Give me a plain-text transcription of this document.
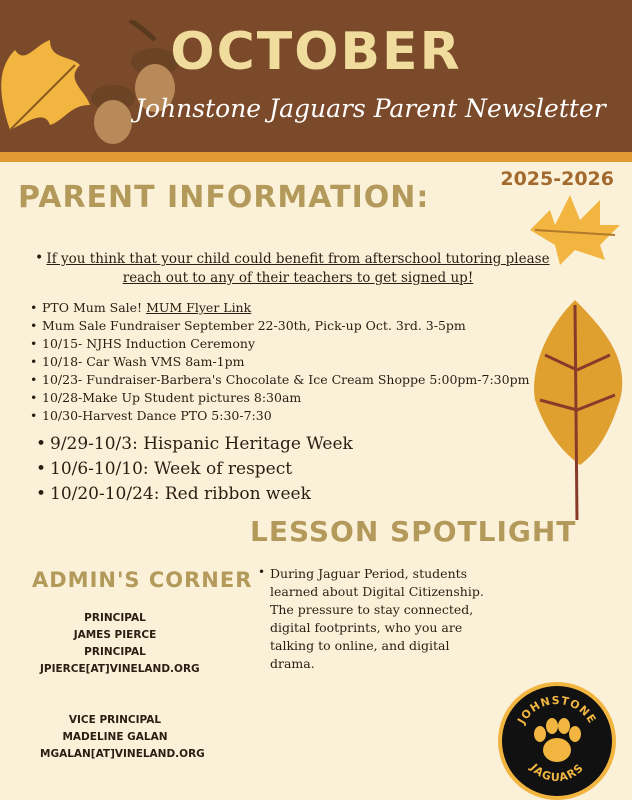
OCTOBER
Johnstone Jaguars Parent Newsletter
2025-2026
PARENT INFORMATION:
• If you think that your child could benefit from afterschool tutoring please reach out to any of their teachers to get signed up!
• PTO Mum Sale! MUM Flyer Link
• Mum Sale Fundraiser September 22-30th, Pick-up Oct. 3rd. 3-5pm
• 10/15- NJHS Induction Ceremony
• 10/18- Car Wash VMS 8am-1pm
• 10/23- Fundraiser-Barbera's Chocolate & Ice Cream Shoppe 5:00pm-7:30pm
• 10/28-Make Up Student pictures 8:30am
• 10/30-Harvest Dance PTO 5:30-7:30
• 9/29-10/3: Hispanic Heritage Week
• 10/6-10/10: Week of respect
• 10/20-10/24: Red ribbon week
LESSON SPOTLIGHT
• During Jaguar Period, students learned about Digital Citizenship. The pressure to stay connected, digital footprints, who you are talking to online, and digital drama.
ADMIN'S CORNER
PRINCIPAL
JAMES PIERCE
PRINCIPAL
JPIERCE[AT]VINELAND.ORG
VICE PRINCIPAL
MADELINE GALAN
MGALAN[AT]VINELAND.ORG
JOHNSTONE
JAGUARS
